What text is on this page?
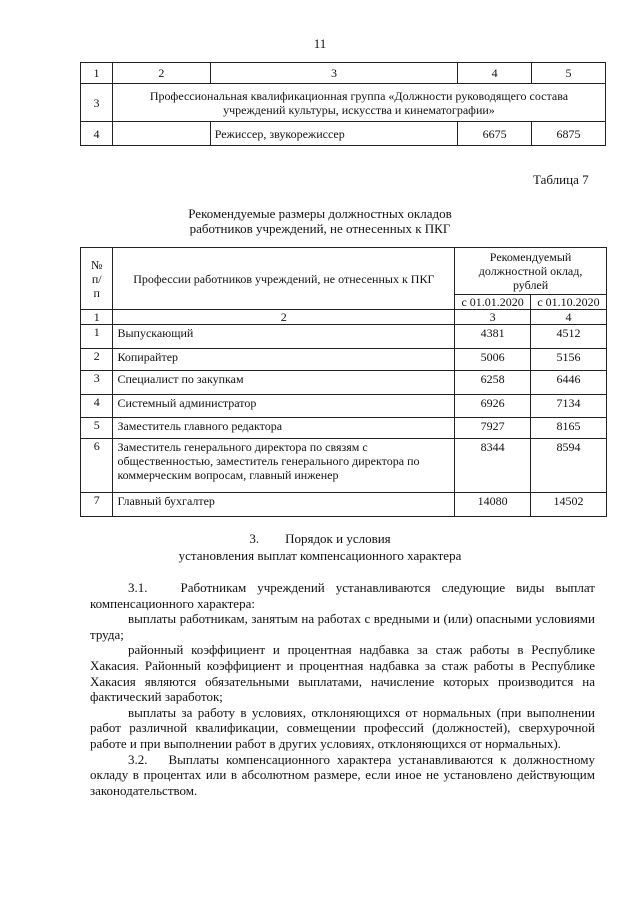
11
1	2	3	4	5
3	Профессиональная квалификационная группа «Должности руководящего состава учреждений культуры, искусства и кинематографии»			
4		Режиссер, звукорежиссер	6675	6875
Таблица 7
Рекомендуемые размеры должностных окладов
работников учреждений, не отнесенных к ПКГ
№ п/п	Профессии работников учреждений, не отнесенных к ПКГ	Рекомендуемый должностной оклад, рублей	
		с 01.01.2020	с 01.10.2020
1	2	3	4
1	Выпускающий	4381	4512
2	Копирайтер	5006	5156
3	Специалист по закупкам	6258	6446
4	Системный администратор	6926	7134
5	Заместитель главного редактора	7927	8165
6	Заместитель генерального директора по связям с общественностью, заместитель генерального директора по коммерческим вопросам, главный инженер	8344	8594
7	Главный бухгалтер	14080	14502
3.        Порядок и условия
установления выплат компенсационного характера

3.1.   Работникам учреждений устанавливаются следующие виды выплат компенсационного характера:

выплаты работникам, занятым на работах с вредными и (или) опасными условиями труда;

районный коэффициент и процентная надбавка за стаж работы в Республике Хакасия. Районный коэффициент и процентная надбавка за стаж работы в Республике Хакасия являются обязательными выплатами, начисление которых производится на фактический заработок;

выплаты за работу в условиях, отклоняющихся от нормальных (при выполнении работ различной квалификации, совмещении профессий (должностей), сверхурочной работе и при выполнении работ в других условиях, отклоняющихся от нормальных).

3.2.   Выплаты компенсационного характера устанавливаются к должностному окладу в процентах или в абсолютном размере, если иное не установлено действующим законодательством.
